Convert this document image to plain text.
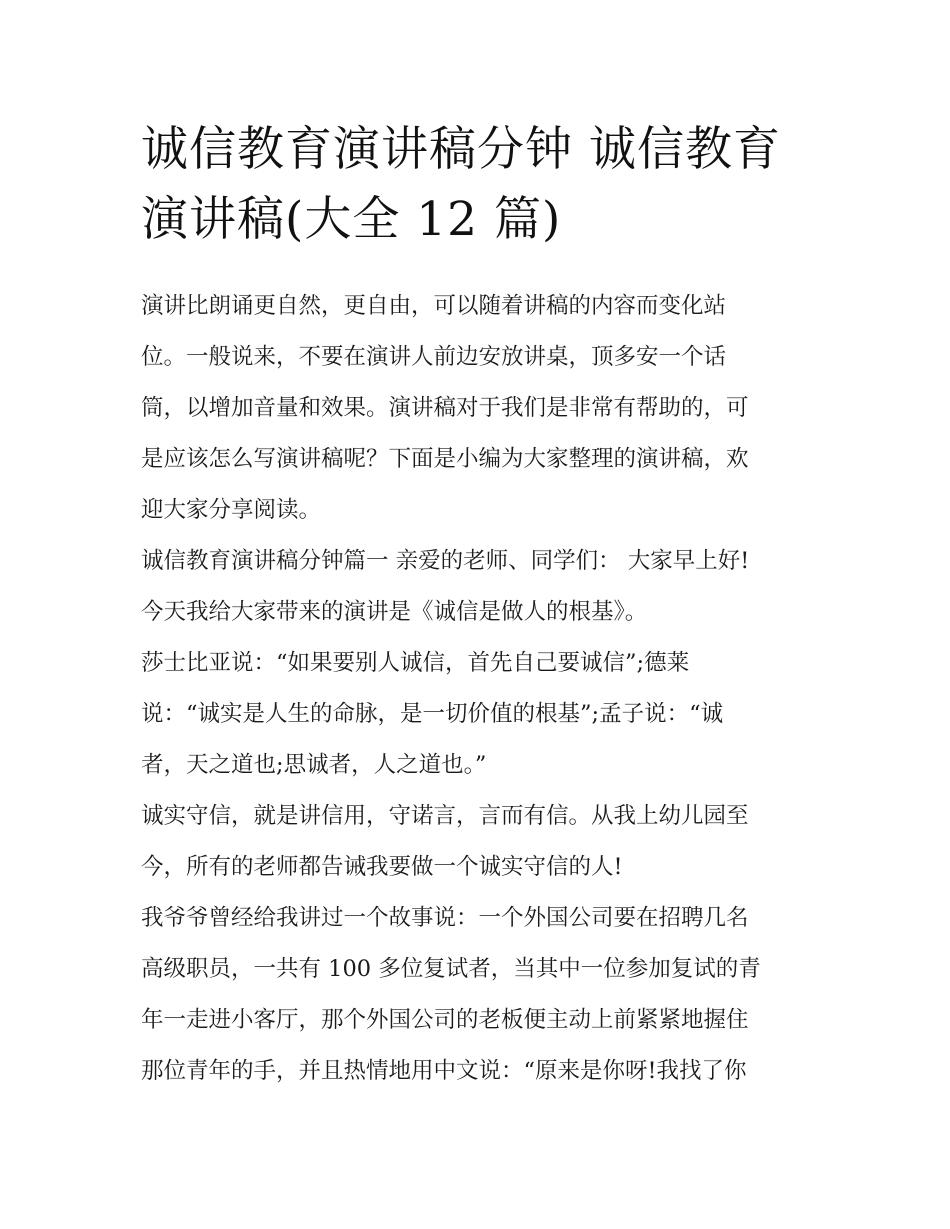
诚信教育演讲稿分钟 诚信教育
演讲稿(大全 12 篇)

演讲比朗诵更自然，更自由，可以随着讲稿的内容而变化站
位。一般说来，不要在演讲人前边安放讲桌，顶多安一个话
筒，以增加音量和效果。演讲稿对于我们是非常有帮助的，可
是应该怎么写演讲稿呢？下面是小编为大家整理的演讲稿，欢
迎大家分享阅读。

诚信教育演讲稿分钟篇一 亲爱的老师、同学们： 大家早上好!
今天我给大家带来的演讲是《诚信是做人的根基》。

莎士比亚说：“如果要别人诚信，首先自己要诚信”;德莱
说：“诚实是人生的命脉，是一切价值的根基”;孟子说：“诚
者，天之道也;思诚者，人之道也。”

诚实守信，就是讲信用，守诺言，言而有信。从我上幼儿园至
今，所有的老师都告诫我要做一个诚实守信的人!

我爷爷曾经给我讲过一个故事说：一个外国公司要在招聘几名
高级职员，一共有 100 多位复试者，当其中一位参加复试的青
年一走进小客厅，那个外国公司的老板便主动上前紧紧地握住
那位青年的手，并且热情地用中文说：“原来是你呀!我找了你
